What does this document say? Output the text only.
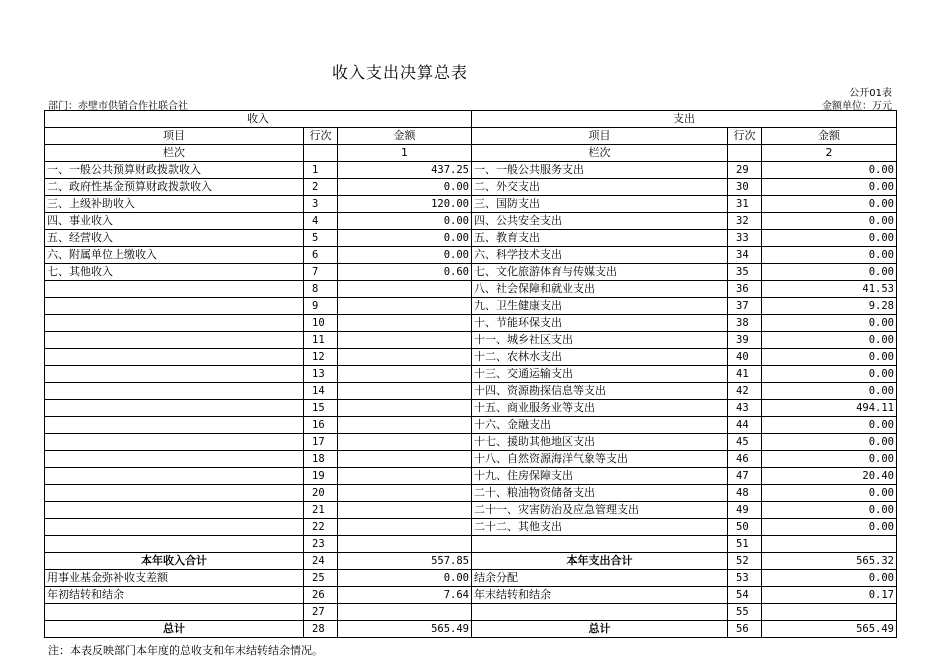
收入支出决算总表
公开01表
部门：赤壁市供销合作社联合社	金额单位：万元
收入			支出		
项目	行次	金额	项目	行次	金额
栏次		1	栏次		2
一、一般公共预算财政拨款收入	1	437.25	一、一般公共服务支出	29	0.00
二、政府性基金预算财政拨款收入	2	0.00	二、外交支出	30	0.00
三、上级补助收入	3	120.00	三、国防支出	31	0.00
四、事业收入	4	0.00	四、公共安全支出	32	0.00
五、经营收入	5	0.00	五、教育支出	33	0.00
六、附属单位上缴收入	6	0.00	六、科学技术支出	34	0.00
七、其他收入	7	0.60	七、文化旅游体育与传媒支出	35	0.00
	8		八、社会保障和就业支出	36	41.53
	9		九、卫生健康支出	37	9.28
	10		十、节能环保支出	38	0.00
	11		十一、城乡社区支出	39	0.00
	12		十二、农林水支出	40	0.00
	13		十三、交通运输支出	41	0.00
	14		十四、资源勘探信息等支出	42	0.00
	15		十五、商业服务业等支出	43	494.11
	16		十六、金融支出	44	0.00
	17		十七、援助其他地区支出	45	0.00
	18		十八、自然资源海洋气象等支出	46	0.00
	19		十九、住房保障支出	47	20.40
	20		二十、粮油物资储备支出	48	0.00
	21		二十一、灾害防治及应急管理支出	49	0.00
	22		二十二、其他支出	50	0.00
	23			51	
本年收入合计	24	557.85	本年支出合计	52	565.32
用事业基金弥补收支差额	25	0.00	结余分配	53	0.00
年初结转和结余	26	7.64	年末结转和结余	54	0.17
	27			55	
总计	28	565.49	总计	56	565.49
注：本表反映部门本年度的总收支和年末结转结余情况。
